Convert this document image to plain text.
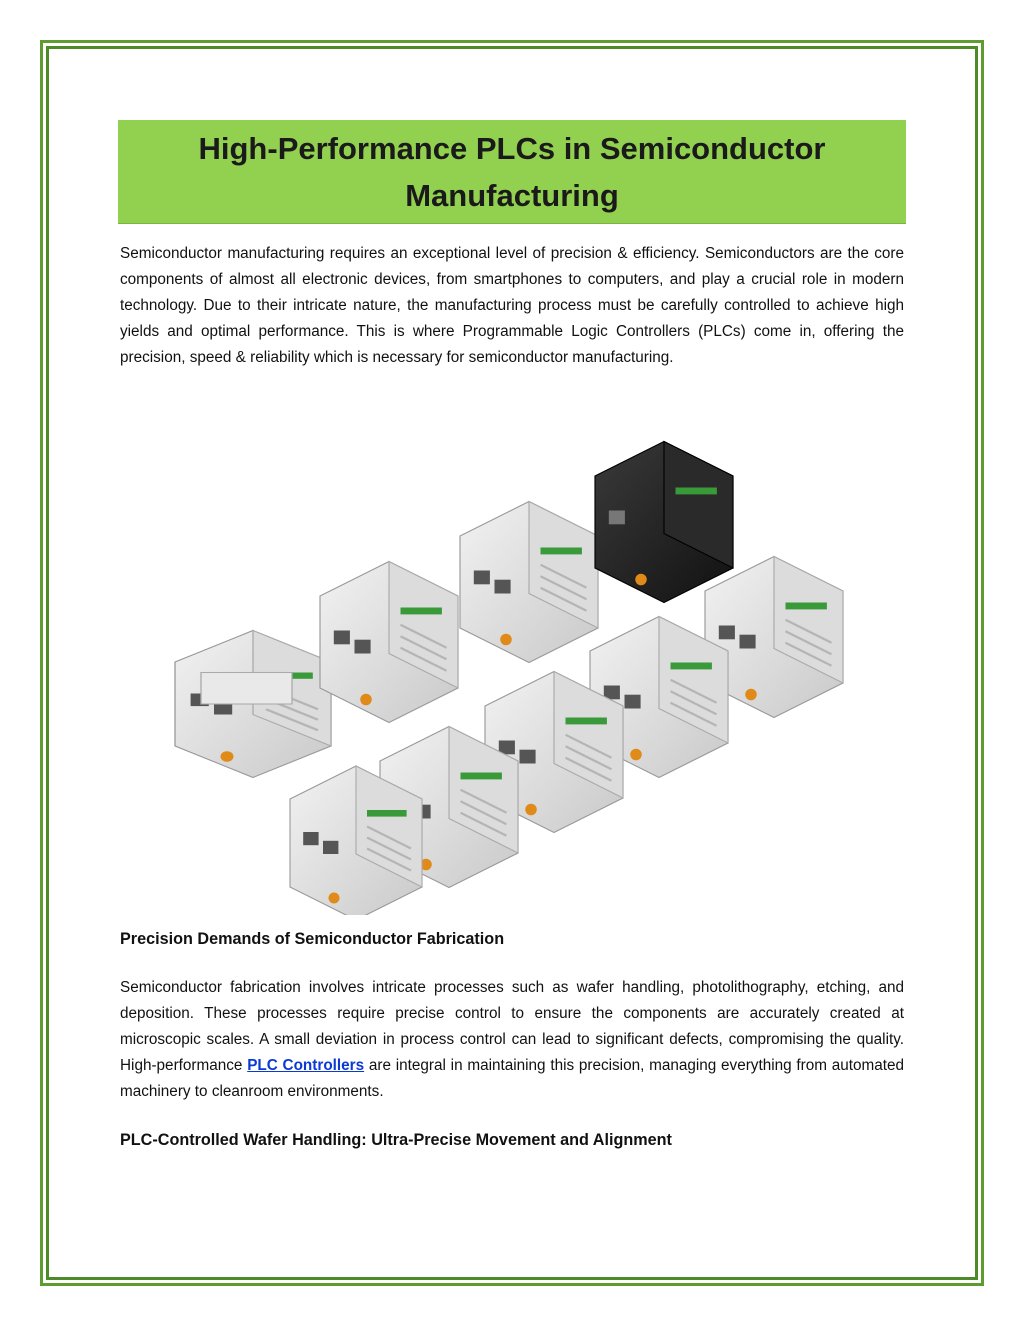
High-Performance PLCs in Semiconductor Manufacturing

Semiconductor manufacturing requires an exceptional level of precision & efficiency. Semiconductors are the core components of almost all electronic devices, from smartphones to computers, and play a crucial role in modern technology. Due to their intricate nature, the manufacturing process must be carefully controlled to achieve high yields and optimal performance. This is where Programmable Logic Controllers (PLCs) come in, offering the precision, speed & reliability which is necessary for semiconductor manufacturing.

Precision Demands of Semiconductor Fabrication

Semiconductor fabrication involves intricate processes such as wafer handling, photolithography, etching, and deposition. These processes require precise control to ensure the components are accurately created at microscopic scales. A small deviation in process control can lead to significant defects, compromising the quality. High-performance PLC Controllers are integral in maintaining this precision, managing everything from automated machinery to cleanroom environments.

PLC-Controlled Wafer Handling: Ultra-Precise Movement and Alignment
